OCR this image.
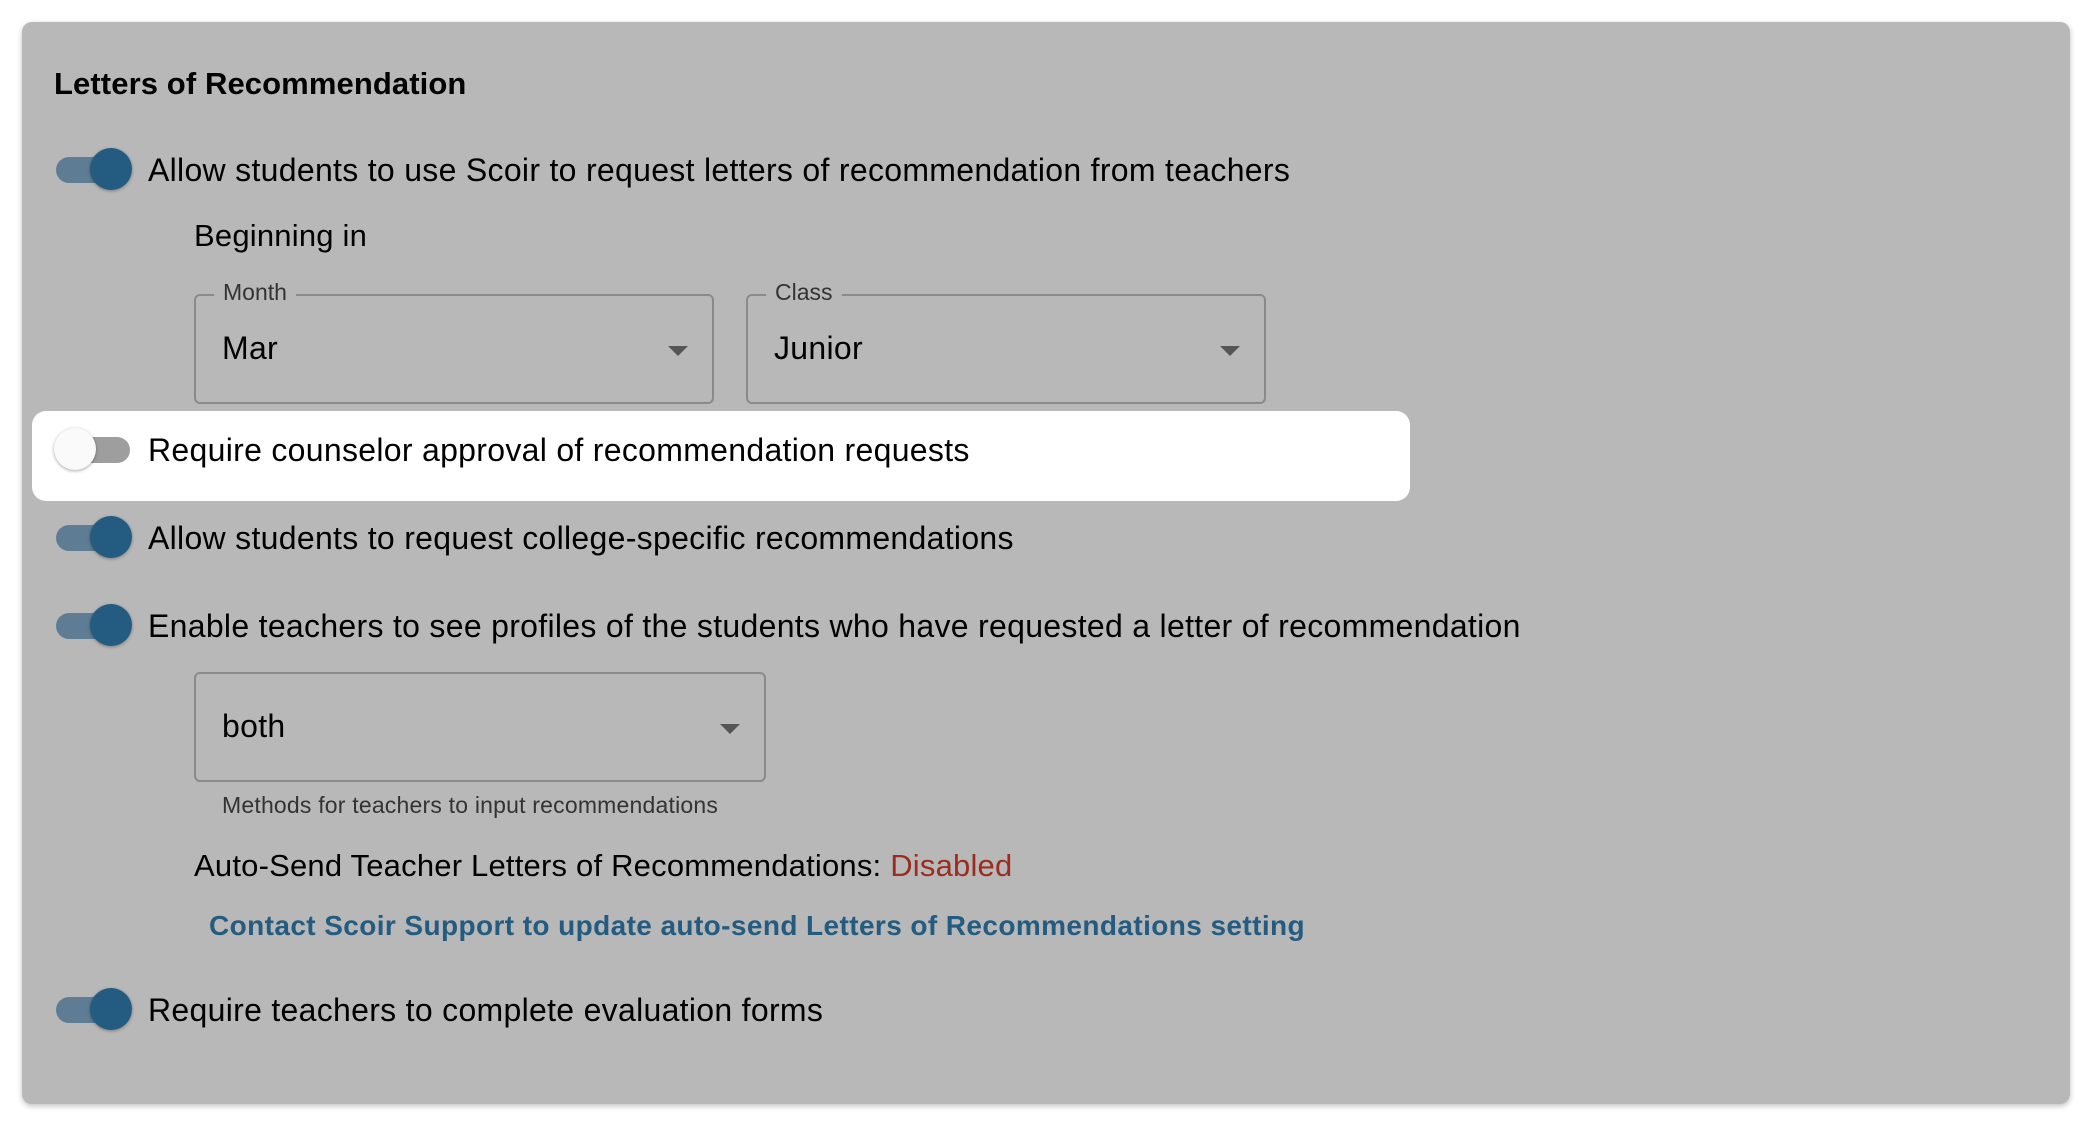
Letters of Recommendation
Allow students to use Scoir to request letters of recommendation from teachers
Beginning in
Month
Mar
Class
Junior
Require counselor approval of recommendation requests
Allow students to request college-specific recommendations
Enable teachers to see profiles of the students who have requested a letter of recommendation
both
Methods for teachers to input recommendations
Auto-Send Teacher Letters of Recommendations: Disabled
Contact Scoir Support to update auto-send Letters of Recommendations setting
Require teachers to complete evaluation forms
